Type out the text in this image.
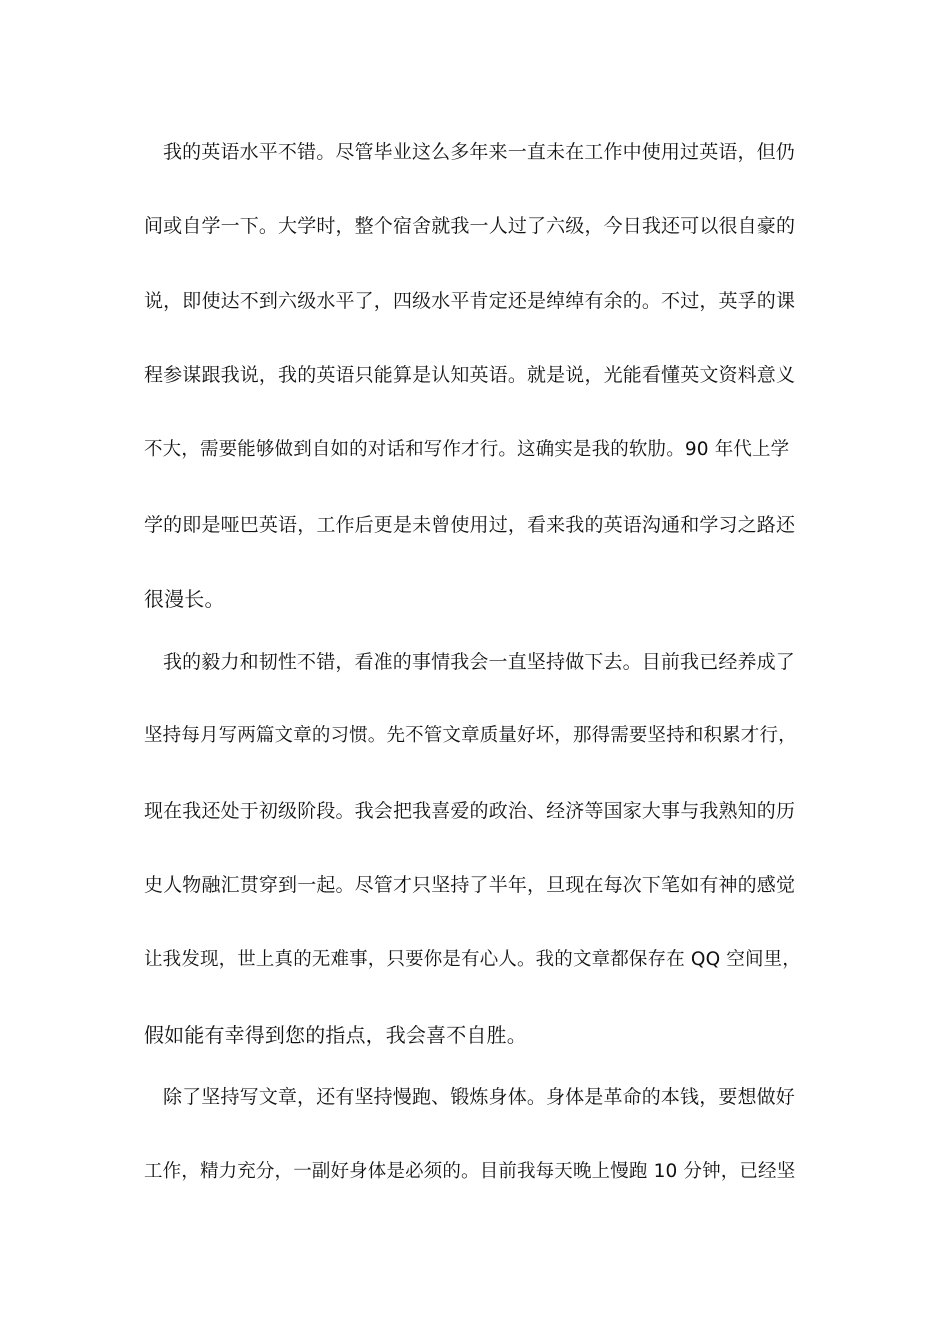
我的英语水平不错。尽管毕业这么多年来一直未在工作中使用过英语，但仍
间或自学一下。大学时，整个宿舍就我一人过了六级，今日我还可以很自豪的
说，即使达不到六级水平了，四级水平肯定还是绰绰有余的。不过，英孚的课
程参谋跟我说，我的英语只能算是认知英语。就是说，光能看懂英文资料意义
不大，需要能够做到自如的对话和写作才行。这确实是我的软肋。90 年代上学
学的即是哑巴英语，工作后更是未曾使用过，看来我的英语沟通和学习之路还
很漫长。
我的毅力和韧性不错，看准的事情我会一直坚持做下去。目前我已经养成了
坚持每月写两篇文章的习惯。先不管文章质量好坏，那得需要坚持和积累才行，
现在我还处于初级阶段。我会把我喜爱的政治、经济等国家大事与我熟知的历
史人物融汇贯穿到一起。尽管才只坚持了半年，旦现在每次下笔如有神的感觉
让我发现，世上真的无难事，只要你是有心人。我的文章都保存在 QQ 空间里，
假如能有幸得到您的指点，我会喜不自胜。
除了坚持写文章，还有坚持慢跑、锻炼身体。身体是革命的本钱，要想做好
工作，精力充分，一副好身体是必须的。目前我每天晚上慢跑 10 分钟，已经坚
